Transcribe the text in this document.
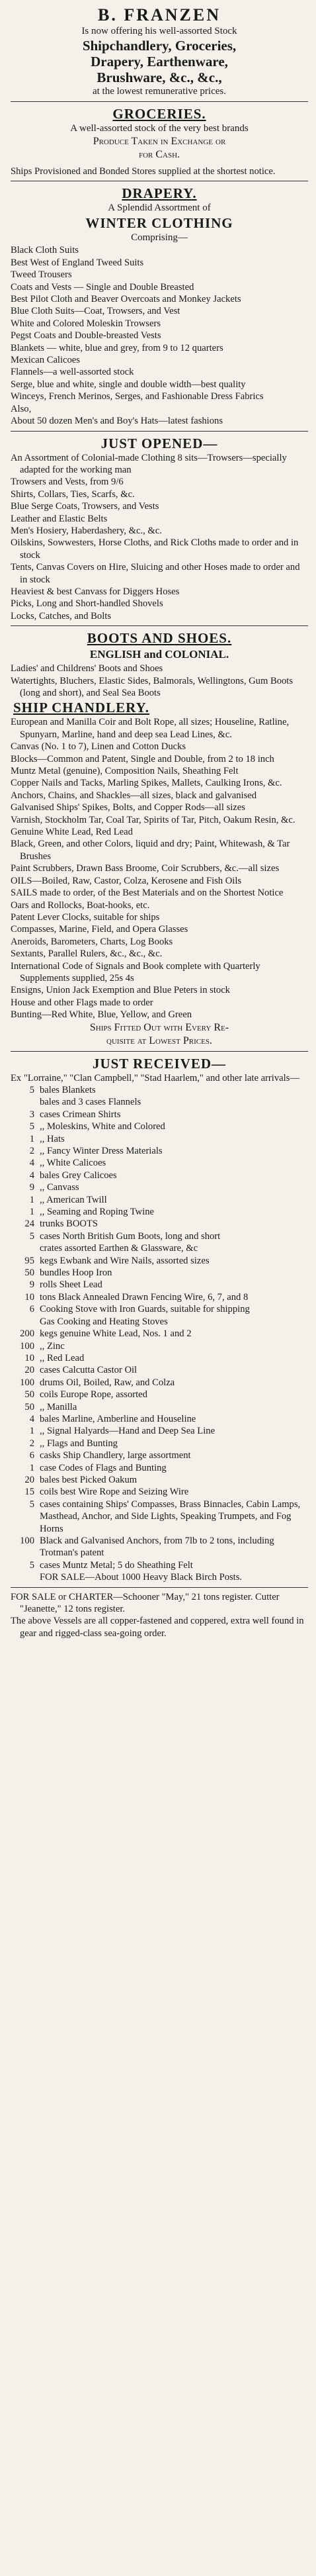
B. FRANZEN
Is now offering his well-assorted Stock
Shipchandlery, Groceries,
Drapery, Earthenware,
Brushware, &c., &c.,
at the lowest remunerative prices.
GROCERIES.
A well-assorted stock of the very best brands
Produce Taken in Exchange or
for Cash.
Ships Provisioned and Bonded Stores supplied at the shortest notice.
DRAPERY.
A Splendid Assortment of
WINTER CLOTHING
Comprising—
Black Cloth Suits
Best West of England Tweed Suits
Tweed Trousers
Coats and Vests — Single and Double Breasted
Best Pilot Cloth and Beaver Overcoats and Monkey Jackets
Blue Cloth Suits—Coat, Trowsers, and Vest
White and Colored Moleskin Trowsers
Pegst Coats and Double-breasted Vests
Blankets — white, blue and grey, from 9 to 12 quarters
Mexican Calicoes
Flannels—a well-assorted stock
Serge, blue and white, single and double width—best quality
Winceys, French Merinos, Serges, and Fashionable Dress Fabrics
Also,
About 50 dozen Men's and Boy's Hats—latest fashions
JUST OPENED—
An Assortment of Colonial-made Clothing 8 sits—Trowsers—specially adapted for the working man
Trowsers and Vests, from 9/6
Shirts, Collars, Ties, Scarfs, &c.
Blue Serge Coats, Trowsers, and Vests
Leather and Elastic Belts
Men's Hosiery, Haberdashery, &c., &c.
Oilskins, Sowwesters, Horse Cloths, and Rick Cloths made to order and in stock
Tents, Canvas Covers on Hire, Sluicing and other Hoses made to order and in stock
Heaviest & best Canvass for Diggers Hoses
Picks, Long and Short-handled Shovels
Locks, Catches, and Bolts
BOOTS AND SHOES.
ENGLISH and COLONIAL.
Ladies' and Childrens' Boots and Shoes
Watertights, Bluchers, Elastic Sides, Balmorals, Wellingtons, Gum Boots (long and short), and Seal Sea Boots
SHIP CHANDLERY.
European and Manilla Coir and Bolt Rope, all sizes; Houseline, Ratline, Spunyarn, Marline, hand and deep sea Lead Lines, &c.
Canvas (No. 1 to 7), Linen and Cotton Ducks
Blocks—Common and Patent, Single and Double, from 2 to 18 inch
Muntz Metal (genuine), Composition Nails, Sheathing Felt
Copper Nails and Tacks, Marling Spikes, Mallets, Caulking Irons, &c.
Anchors, Chains, and Shackles—all sizes, black and galvanised
Galvanised Ships' Spikes, Bolts, and Copper Rods—all sizes
Varnish, Stockholm Tar, Coal Tar, Spirits of Tar, Pitch, Oakum Resin, &c.
Genuine White Lead, Red Lead
Black, Green, and other Colors, liquid and dry; Paint, Whitewash, & Tar Brushes
Paint Scrubbers, Drawn Bass Broome, Coir Scrubbers, &c.—all sizes
OILS—Boiled, Raw, Castor, Colza, Kerosene and Fish Oils
SAILS made to order, of the Best Materials and on the Shortest Notice
Oars and Rollocks, Boat-hooks, etc.
Patent Lever Clocks, suitable for ships
Compasses, Marine, Field, and Opera Glasses
Aneroids, Barometers, Charts, Log Books
Sextants, Parallel Rulers, &c., &c., &c.
International Code of Signals and Book complete with Quarterly Supplements supplied, 25s 4s
Ensigns, Union Jack Exemption and Blue Peters in stock
House and other Flags made to order
Bunting—Red White, Blue, Yellow, and Green
Ships Fitted Out with Every Re-
quisite at Lowest Prices.
JUST RECEIVED—
Ex "Lorraine," "Clan Campbell," "Stad Haarlem," and other late arrivals—
5 bales Blankets
bales and 3 cases Flannels
3 cases Crimean Shirts
5 ,, Moleskins, White and Colored
1 ,, Hats
2 ,, Fancy Winter Dress Materials
4 ,, White Calicoes
4 bales Grey Calicoes
9 ,, Canvass
1 ,, American Twill
1 ,, Seaming and Roping Twine
24 trunks BOOTS
5 cases North British Gum Boots, long and short
crates assorted Earthen & Glassware, &c
95 kegs Ewbank and Wire Nails, assorted sizes
50 bundles Hoop Iron
9 rolls Sheet Lead
10 tons Black Annealed Drawn Fencing Wire, 6, 7, and 8
6 Cooking Stove with Iron Guards, suitable for shipping
Gas Cooking and Heating Stoves
200 kegs genuine White Lead, Nos. 1 and 2
100 ,, Zinc
10 ,, Red Lead
20 cases Calcutta Castor Oil
100 drums Oil, Boiled, Raw, and Colza
50 coils Europe Rope, assorted
50 ,, Manilla
4 bales Marline, Amberline and Houseline
1 ,, Signal Halyards—Hand and Deep Sea Line
2 ,, Flags and Bunting
6 casks Ship Chandlery, large assortment
1 case Codes of Flags and Bunting
20 bales best Picked Oakum
15 coils best Wire Rope and Seizing Wire
5 cases containing Ships' Compasses, Brass Binnacles, Cabin Lamps, Masthead, Anchor, and Side Lights, Speaking Trumpets, and Fog Horns
100 Black and Galvanised Anchors, from 7lb to 2 tons, including Trotman's patent
5 cases Muntz Metal; 5 do Sheathing Felt
FOR SALE—About 1000 Heavy Black Birch Posts.
FOR SALE or CHARTER—Schooner "May," 21 tons register. Cutter "Jeanette," 12 tons register.
The above Vessels are all copper-fastened and coppered, extra well found in gear and rigged-class sea-going order.
